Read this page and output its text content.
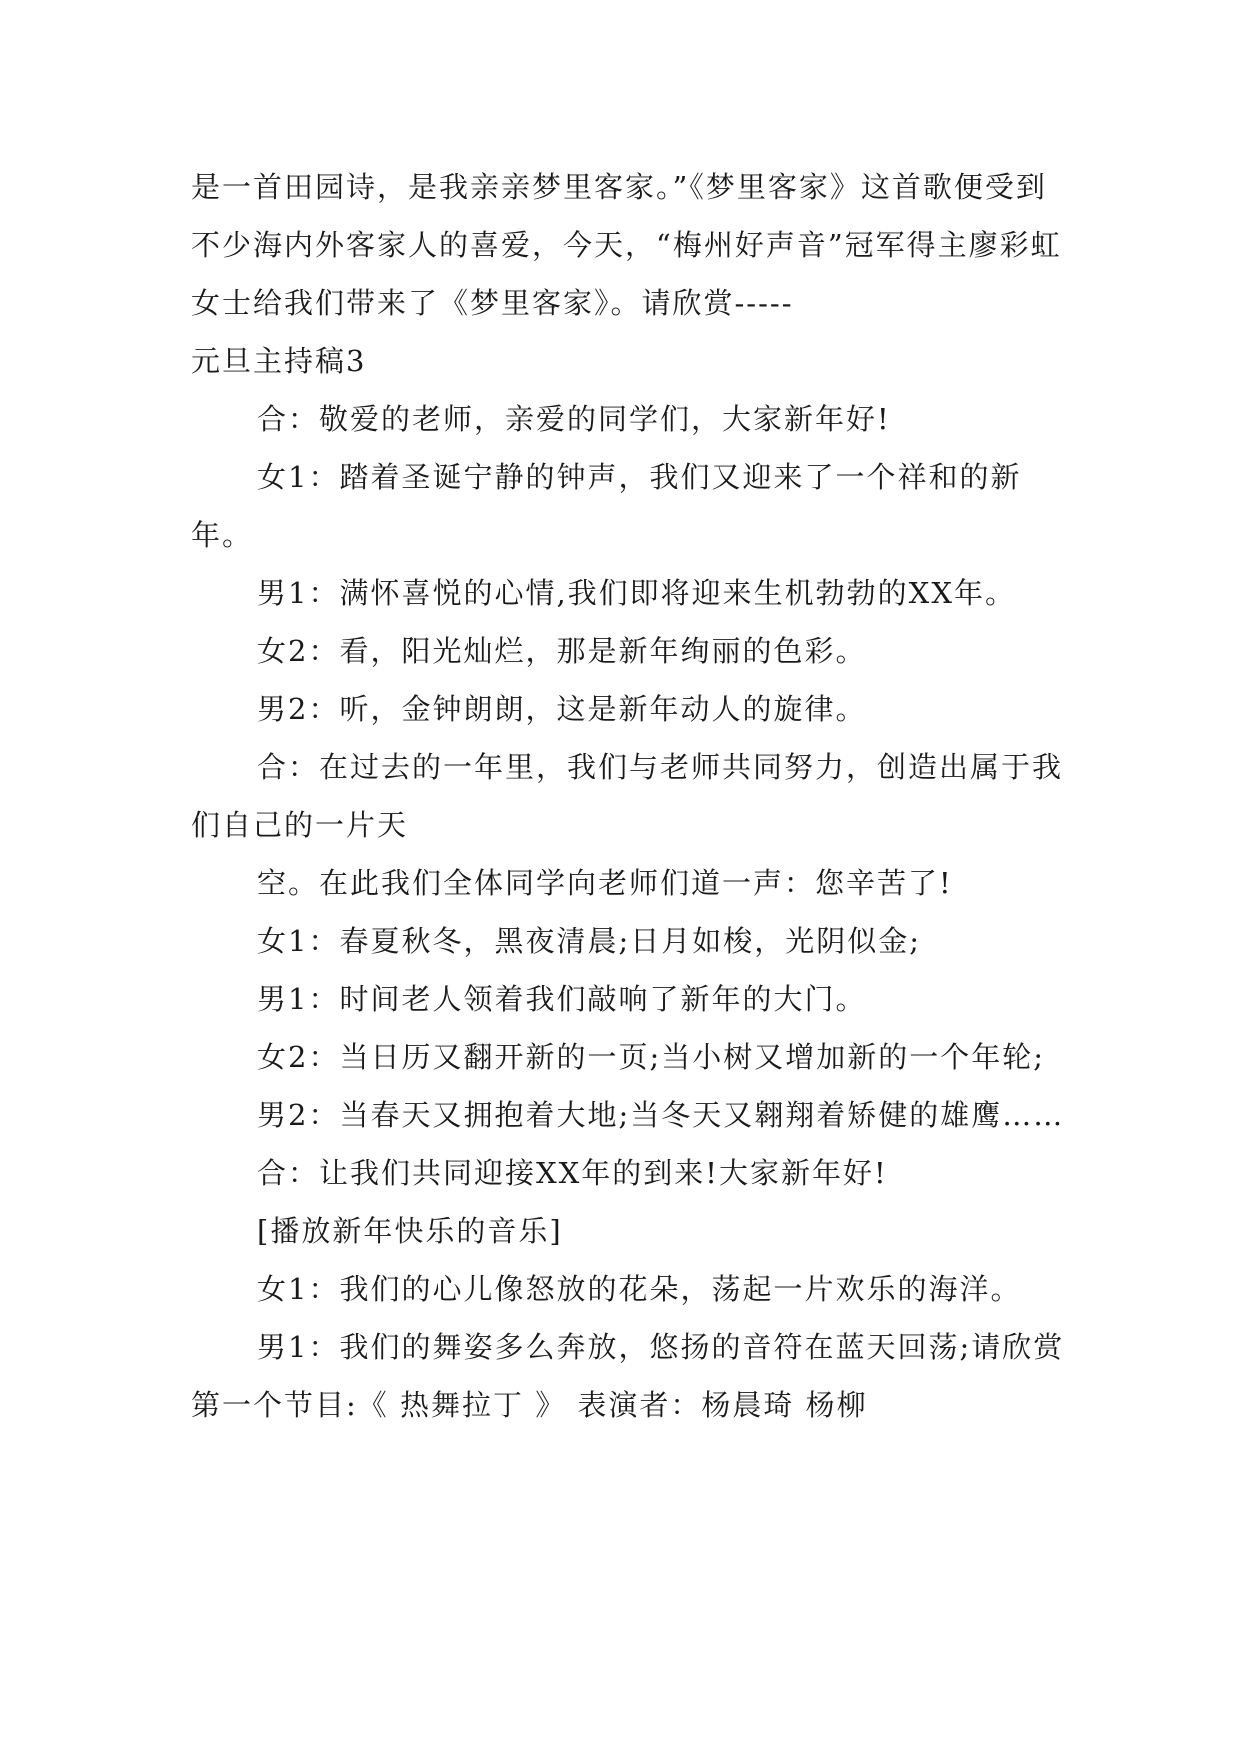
是一首田园诗，是我亲亲梦里客家。”《梦里客家》这首歌便受到不少海内外客家人的喜爱，今天，“梅州好声音”冠军得主廖彩虹女士给我们带来了《梦里客家》。请欣赏-----

元旦主持稿3

合：敬爱的老师，亲爱的同学们，大家新年好!

女1：踏着圣诞宁静的钟声，我们又迎来了一个祥和的新年。

男1：满怀喜悦的心情,我们即将迎来生机勃勃的XX年。

女2：看，阳光灿烂，那是新年绚丽的色彩。

男2：听，金钟朗朗，这是新年动人的旋律。

合：在过去的一年里，我们与老师共同努力，创造出属于我们自己的一片天

空。在此我们全体同学向老师们道一声：您辛苦了!

女1：春夏秋冬，黑夜清晨;日月如梭，光阴似金;

男1：时间老人领着我们敲响了新年的大门。

女2：当日历又翻开新的一页;当小树又增加新的一个年轮;

男2：当春天又拥抱着大地;当冬天又翱翔着矫健的雄鹰……

合：让我们共同迎接XX年的到来!大家新年好!

[播放新年快乐的音乐]

女1：我们的心儿像怒放的花朵，荡起一片欢乐的海洋。

男1：我们的舞姿多么奔放，悠扬的音符在蓝天回荡;请欣赏第一个节目:《 热舞拉丁 》 表演者：杨晨琦 杨柳
